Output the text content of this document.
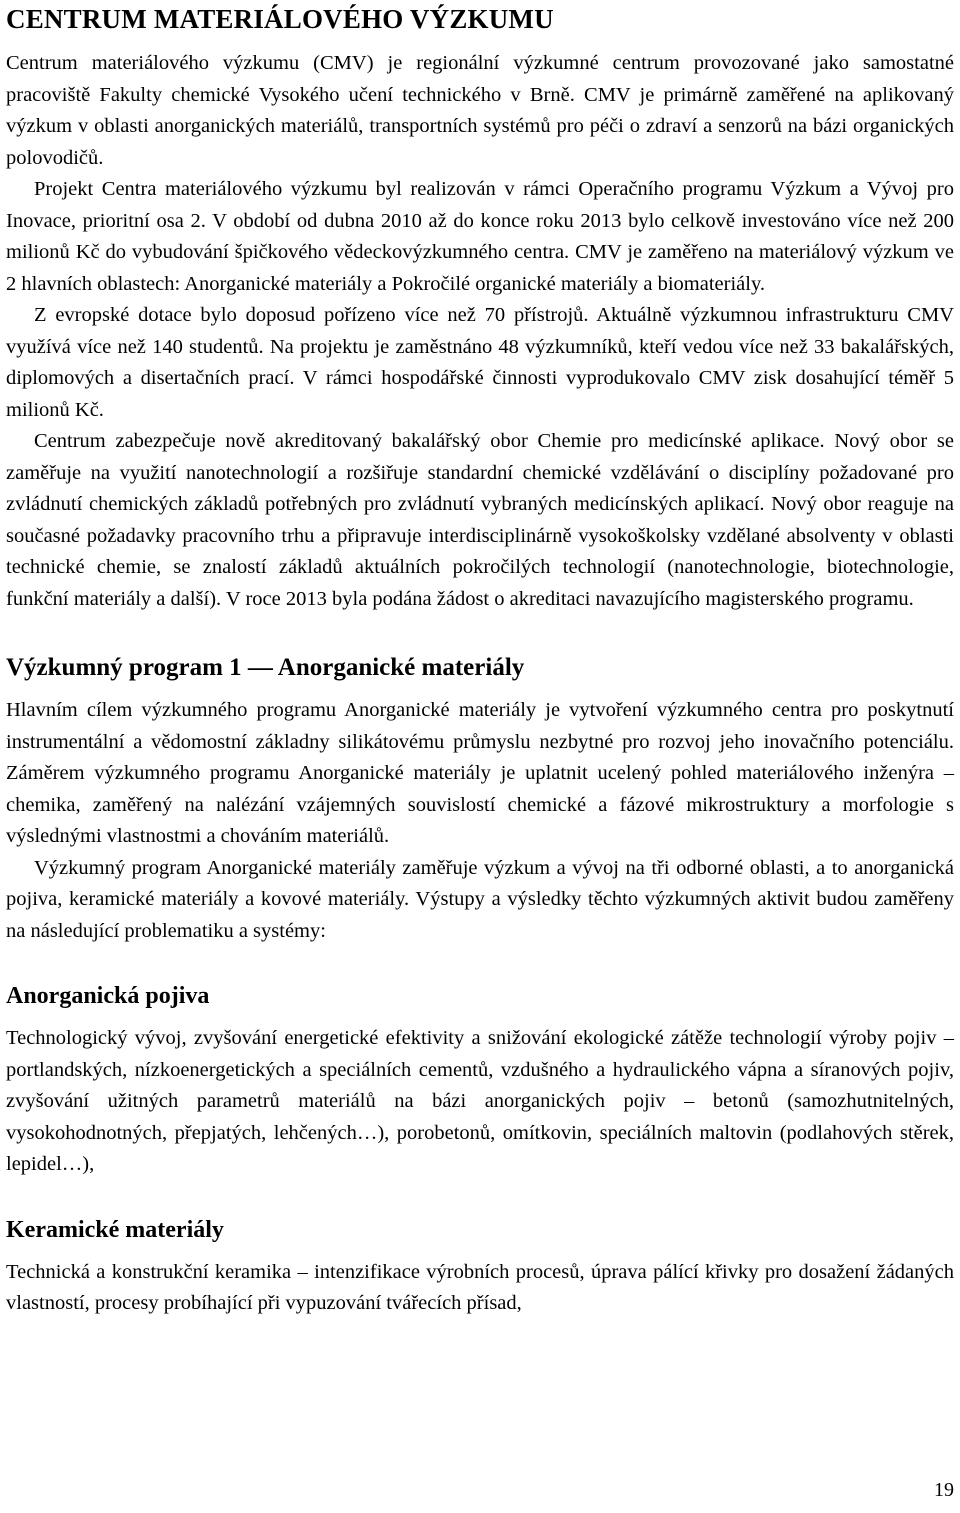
CENTRUM MATERIÁLOVÉHO VÝZKUMU

Centrum materiálového výzkumu (CMV) je regionální výzkumné centrum provozované jako samostatné pracoviště Fakulty chemické Vysokého učení technického v Brně. CMV je primárně zaměřené na aplikovaný výzkum v oblasti anorganických materiálů, transportních systémů pro péči o zdraví a senzorů na bázi organických polovodičů.

Projekt Centra materiálového výzkumu byl realizován v rámci Operačního programu Výzkum a Vývoj pro Inovace, prioritní osa 2. V období od dubna 2010 až do konce roku 2013 bylo celkově investováno více než 200 milionů Kč do vybudování špičkového vědeckovýzkumného centra. CMV je zaměřeno na materiálový výzkum ve 2 hlavních oblastech: Anorganické materiály a Pokročilé organické materiály a biomateriály.

Z evropské dotace bylo doposud pořízeno více než 70 přístrojů. Aktuálně výzkumnou infrastrukturu CMV využívá více než 140 studentů. Na projektu je zaměstnáno 48 výzkumníků, kteří vedou více než 33 bakalářských, diplomových a disertačních prací. V rámci hospodářské činnosti vyprodukovalo CMV zisk dosahující téměř 5 milionů Kč.

Centrum zabezpečuje nově akreditovaný bakalářský obor Chemie pro medicínské aplikace. Nový obor se zaměřuje na využití nanotechnologií a rozšiřuje standardní chemické vzdělávání o disciplíny požadované pro zvládnutí chemických základů potřebných pro zvládnutí vybraných medicínských aplikací. Nový obor reaguje na současné požadavky pracovního trhu a připravuje interdisciplinárně vysokoškolsky vzdělané absolventy v oblasti technické chemie, se znalostí základů aktuálních pokročilých technologií (nanotechnologie, biotechnologie, funkční materiály a další). V roce 2013 byla podána žádost o akreditaci navazujícího magisterského programu.

Výzkumný program 1 — Anorganické materiály

Hlavním cílem výzkumného programu Anorganické materiály je vytvoření výzkumného centra pro poskytnutí instrumentální a vědomostní základny silikátovému průmyslu nezbytné pro rozvoj jeho inovačního potenciálu. Záměrem výzkumného programu Anorganické materiály je uplatnit ucelený pohled materiálového inženýra – chemika, zaměřený na nalézání vzájemných souvislostí chemické a fázové mikrostruktury a morfologie s výslednými vlastnostmi a chováním materiálů.

Výzkumný program Anorganické materiály zaměřuje výzkum a vývoj na tři odborné oblasti, a to anorganická pojiva, keramické materiály a kovové materiály. Výstupy a výsledky těchto výzkumných aktivit budou zaměřeny na následující problematiku a systémy:

Anorganická pojiva

Technologický vývoj, zvyšování energetické efektivity a snižování ekologické zátěže technologií výroby pojiv – portlandských, nízkoenergetických a speciálních cementů, vzdušného a hydraulického vápna a síranových pojiv, zvyšování užitných parametrů materiálů na bázi anorganických pojiv – betonů (samozhutnitelných, vysokohodnotných, přepjatých, lehčených…), porobetonů, omítkovin, speciálních maltovin (podlahových stěrek, lepidel…),

Keramické materiály

Technická a konstrukční keramika – intenzifikace výrobních procesů, úprava pálící křivky pro dosažení žádaných vlastností, procesy probíhající při vypuzování tvářecích přísad,

19
